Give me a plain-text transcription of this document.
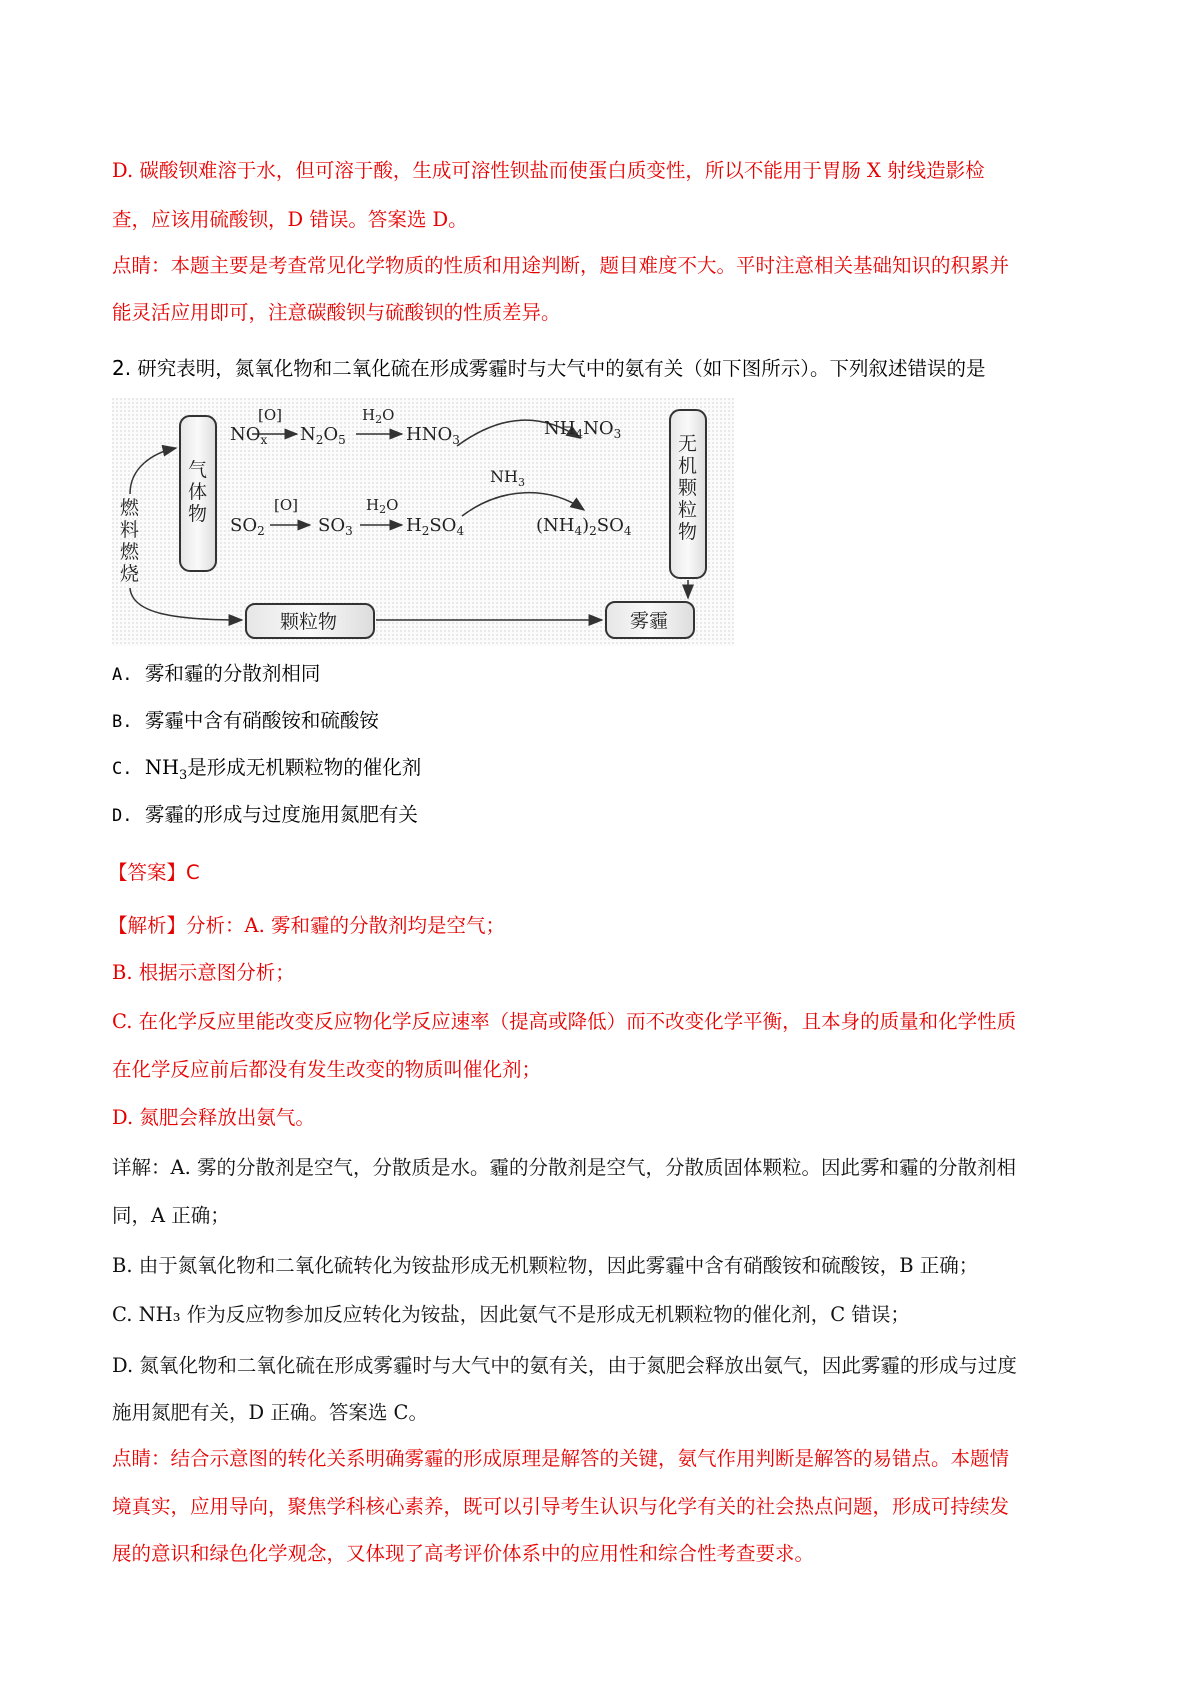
D. 碳酸钡难溶于水，但可溶于酸，生成可溶性钡盐而使蛋白质变性，所以不能用于胃肠 X 射线造影检
查，应该用硫酸钡，D 错误。答案选 D。
点睛：本题主要是考查常见化学物质的性质和用途判断，题目难度不大。平时注意相关基础知识的积累并
能灵活应用即可，注意碳酸钡与硫酸钡的性质差异。
2. 研究表明，氮氧化物和二氧化硫在形成雾霾时与大气中的氨有关（如下图所示）。下列叙述错误的是
燃
料
燃
烧
气
体
物
$NO_x$
[O]
$N_2O_5$
$H_2O$
$HNO_3$
$NH_4NO_3$
$NH_3$
$SO_2$
[O]
$SO_3$
$H_2O$
$H_2SO_4$	$(NH_4)_2SO_4$
无
机
颗
粒
物
颗粒物	雾霾
A. 雾和霾的分散剂相同
B. 雾霾中含有硝酸铵和硫酸铵
C. $NH_3$是形成无机颗粒物的催化剂
D. 雾霾的形成与过度施用氮肥有关
【答案】C
【解析】分析：A. 雾和霾的分散剂均是空气；
B. 根据示意图分析；
C. 在化学反应里能改变反应物化学反应速率（提高或降低）而不改变化学平衡，且本身的质量和化学性质
在化学反应前后都没有发生改变的物质叫催化剂；
D. 氮肥会释放出氨气。
详解：A. 雾的分散剂是空气，分散质是水。霾的分散剂是空气，分散质固体颗粒。因此雾和霾的分散剂相
同，A 正确；
B. 由于氮氧化物和二氧化硫转化为铵盐形成无机颗粒物，因此雾霾中含有硝酸铵和硫酸铵，B 正确；
C. NH₃ 作为反应物参加反应转化为铵盐，因此氨气不是形成无机颗粒物的催化剂，C 错误；
D. 氮氧化物和二氧化硫在形成雾霾时与大气中的氨有关，由于氮肥会释放出氨气，因此雾霾的形成与过度
施用氮肥有关，D 正确。答案选 C。
点睛：结合示意图的转化关系明确雾霾的形成原理是解答的关键，氨气作用判断是解答的易错点。本题情
境真实，应用导向，聚焦学科核心素养，既可以引导考生认识与化学有关的社会热点问题，形成可持续发
展的意识和绿色化学观念，又体现了高考评价体系中的应用性和综合性考查要求。
